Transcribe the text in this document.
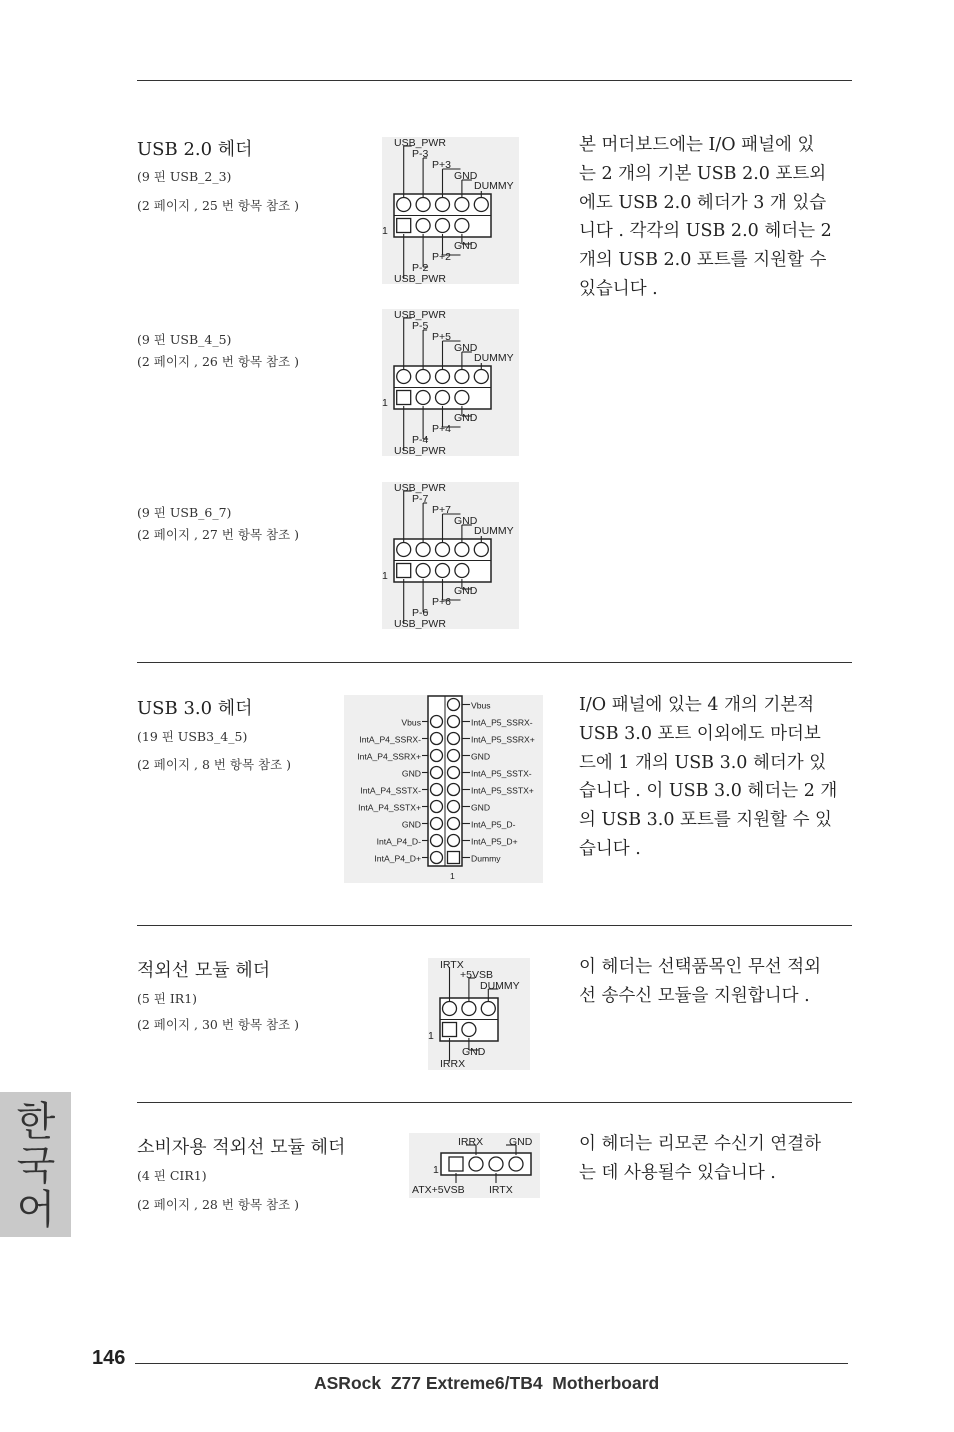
USB 2.0 헤더
(9 핀 USB_2_3)
(2 페이지 , 25 번 항목 참조 )
(9 핀 USB_4_5)
(2 페이지 , 26 번 항목 참조 )
(9 핀 USB_6_7)
(2 페이지 , 27 번 항목 참조 )
본 머더보드에는 I/O 패널에 있
는 2 개의 기본 USB 2.0 포트외
에도 USB 2.0 헤더가 3 개 있습
니다 . 각각의 USB 2.0 헤더는 2
개의 USB 2.0 포트를 지원할 수
있습니다 .
USB_PWR
P-3
P+3
GND
DUMMY
GND
P+2
P-2
USB_PWR
1
USB_PWR
P-5
P+5
GND
DUMMY
GND
P+4
P-4
USB_PWR
1
USB_PWR
P-7
P+7
GND
DUMMY
GND
P+6
P-6
USB_PWR
1
USB 3.0 헤더
(19 핀 USB3_4_5)
(2 페이지 , 8 번 항목 참조 )
I/O 패널에 있는 4 개의 기본적
USB 3.0 포트 이외에도 마더보
드에 1 개의 USB 3.0 헤더가 있
습니다 . 이 USB 3.0 헤더는 2 개
의 USB 3.0 포트를 지원할 수 있
습니다 .
Vbus
IntA_P5_SSRX-
Vbus
IntA_P5_SSRX+
IntA_P4_SSRX-
GND
IntA_P4_SSRX+
IntA_P5_SSTX-
GND
IntA_P5_SSTX+
IntA_P4_SSTX-
GND
IntA_P4_SSTX+
IntA_P5_D-
GND
IntA_P5_D+
IntA_P4_D-
Dummy
IntA_P4_D+
1
적외선 모듈 헤더
(5 핀 IR1)
(2 페이지 , 30 번 항목 참조 )
이 헤더는 선택품목인 무선 적외
선 송수신 모듈을 지원합니다 .
IRTX
+5VSB
DUMMY
GND
IRRX
1
소비자용 적외선 모듈 헤더
(4 핀 CIR1)
(2 페이지 , 28 번 항목 참조 )
이 헤더는 리모콘 수신기 연결하
는 데 사용될수 있습니다 .
IRRX GND
ATX+5VSB IRTX
1
한
국
어
146
ASRock  Z77 Extreme6/TB4  Motherboard
